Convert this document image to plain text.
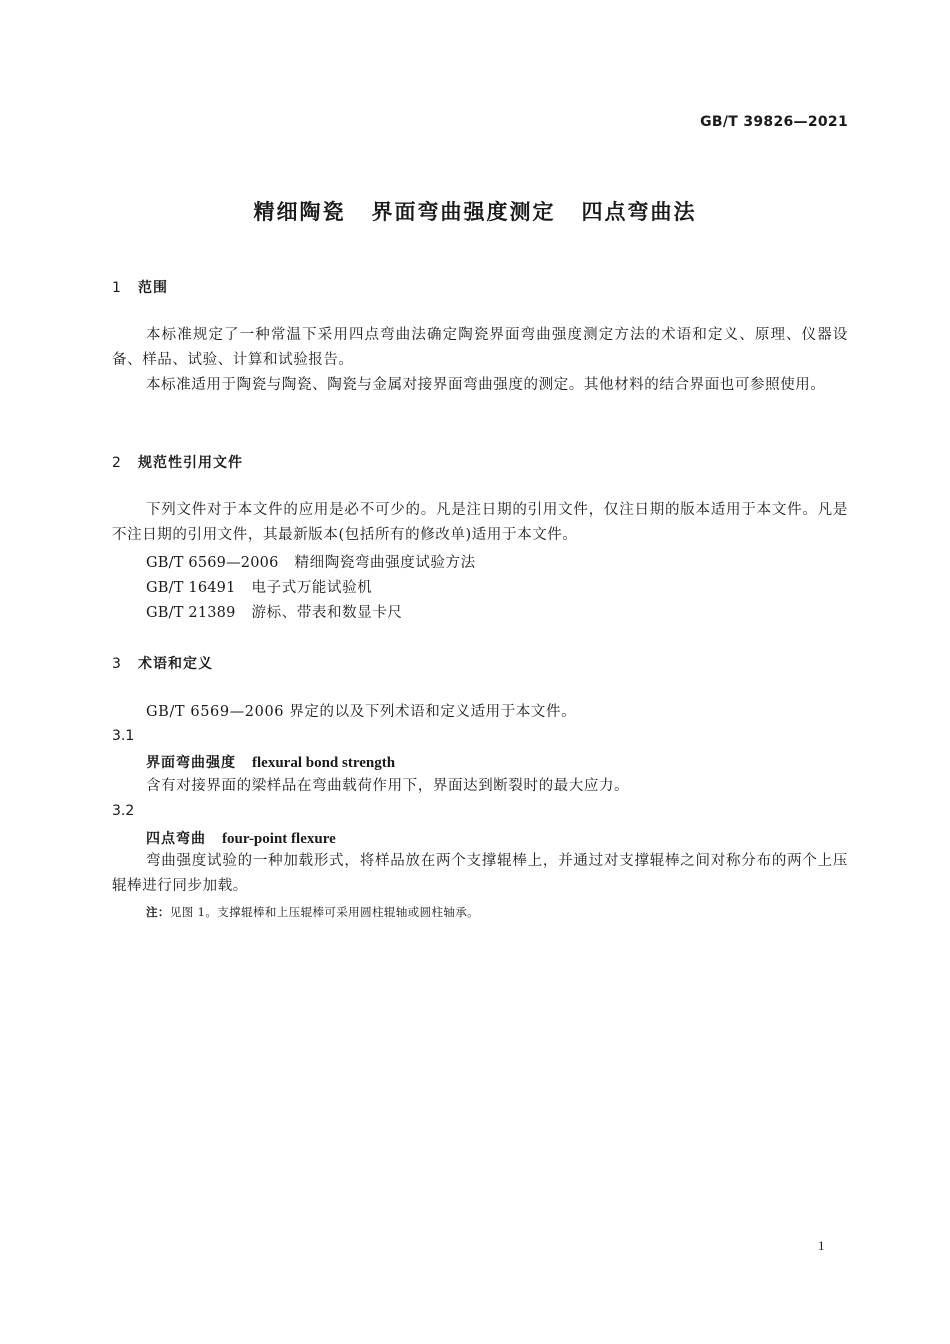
GB/T 39826—2021
精细陶瓷 界面弯曲强度测定 四点弯曲法
1 范围
本标准规定了一种常温下采用四点弯曲法确定陶瓷界面弯曲强度测定方法的术语和定义、原理、仪器设备、样品、试验、计算和试验报告。
本标准适用于陶瓷与陶瓷、陶瓷与金属对接界面弯曲强度的测定。其他材料的结合界面也可参照使用。
2 规范性引用文件
下列文件对于本文件的应用是必不可少的。凡是注日期的引用文件，仅注日期的版本适用于本文件。凡是不注日期的引用文件，其最新版本(包括所有的修改单)适用于本文件。
GB/T 6569—2006 精细陶瓷弯曲强度试验方法
GB/T 16491 电子式万能试验机
GB/T 21389 游标、带表和数显卡尺
3 术语和定义
GB/T 6569—2006 界定的以及下列术语和定义适用于本文件。
3.1
界面弯曲强度 flexural bond strength
含有对接界面的梁样品在弯曲载荷作用下，界面达到断裂时的最大应力。
3.2
四点弯曲 four-point flexure
弯曲强度试验的一种加载形式，将样品放在两个支撑辊棒上，并通过对支撑辊棒之间对称分布的两个上压辊棒进行同步加载。
注：见图 1。支撑辊棒和上压辊棒可采用圆柱辊轴或圆柱轴承。
1
